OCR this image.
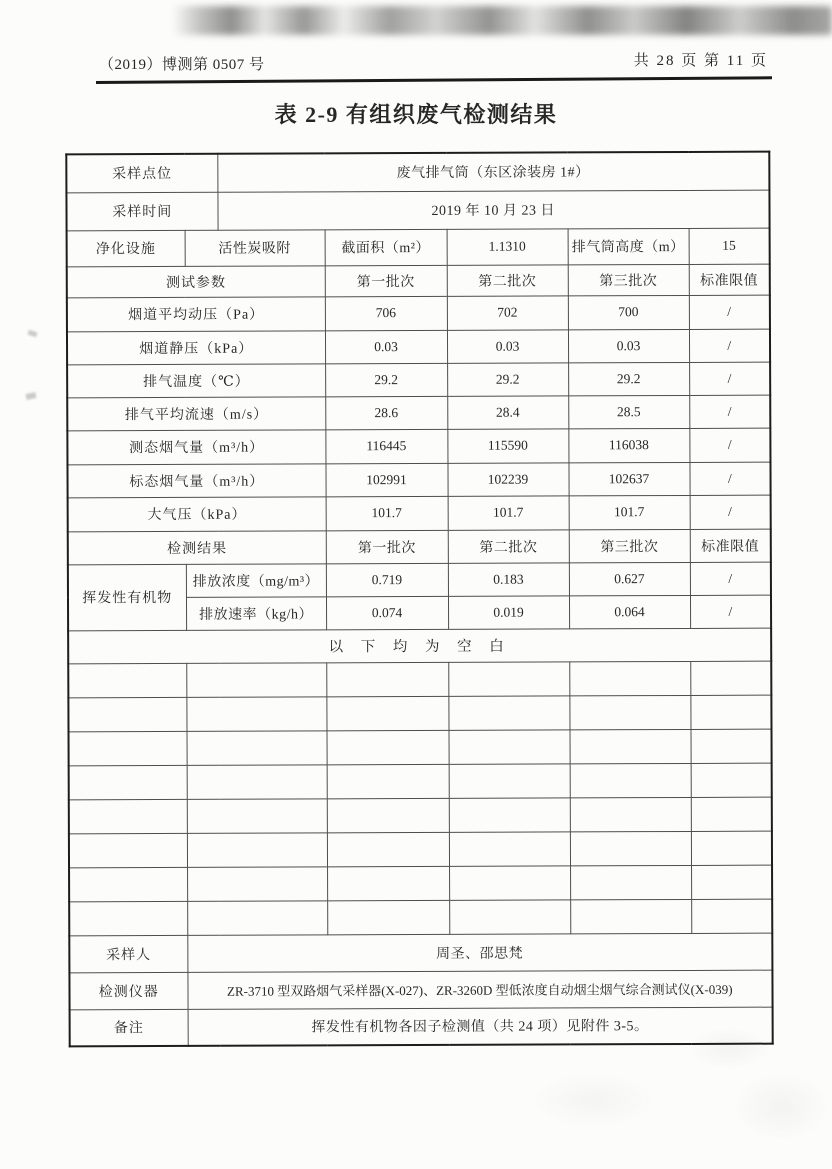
（2019）博测第 0507 号	共 28 页 第 11 页
表 2-9 有组织废气检测结果
采样点位		废气排气筒（东区涂装房 1#）				
采样时间		2019 年 10 月 23 日				
净化设施	活性炭吸附		截面积（m²）	1.1310	排气筒高度（m）	15
测试参数			第一批次	第二批次	第三批次	标准限值
烟道平均动压（Pa）			706	702	700	/
烟道静压（kPa）			0.03	0.03	0.03	/
排气温度（℃）			29.2	29.2	29.2	/
排气平均流速（m/s）			28.6	28.4	28.5	/
测态烟气量（m³/h）			116445	115590	116038	/
标态烟气量（m³/h）			102991	102239	102637	/
大气压（kPa）			101.7	101.7	101.7	/
检测结果			第一批次	第二批次	第三批次	标准限值
挥发性有机物	排放浓度（mg/m³）		0.719	0.183	0.627	/
	排放速率（kg/h）		0.074	0.019	0.064	/
以 下 均 为 空 白						

采样人	周圣、邵思梵					
检测仪器	ZR-3710 型双路烟气采样器(X-027)、ZR-3260D 型低浓度自动烟尘烟气综合测试仪(X-039)					
备注	挥发性有机物各因子检测值（共 24 项）见附件 3-5。					
